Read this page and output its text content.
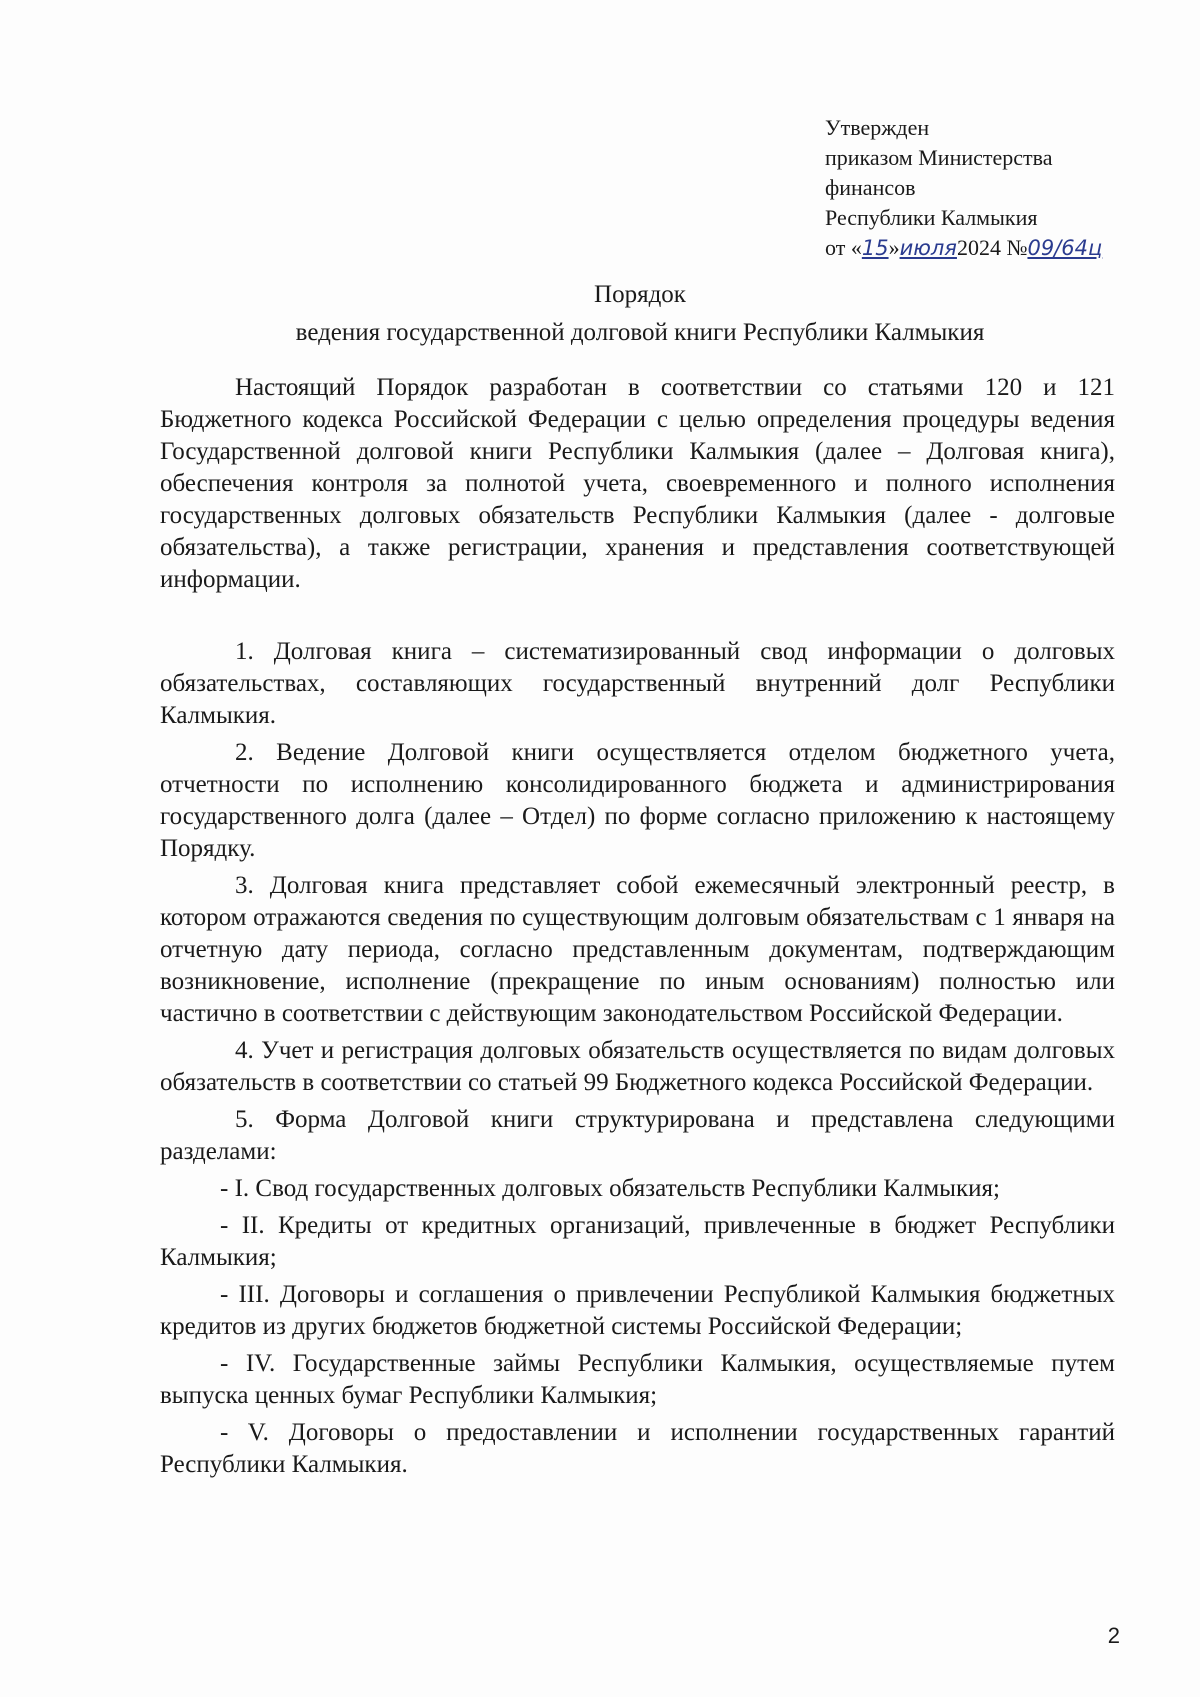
Утвержден
приказом Министерства
финансов
Республики Калмыкия
от «15»июля2024 №09/64ц
Порядок
ведения государственной долговой книги Республики Калмыкия

Настоящий Порядок разработан в соответствии со статьями 120 и 121 Бюджетного кодекса Российской Федерации с целью определения процедуры ведения Государственной долговой книги Республики Калмыкия (далее – Долговая книга), обеспечения контроля за полнотой учета, своевременного и полного исполнения государственных долговых обязательств Республики Калмыкия (далее - долговые обязательства), а также регистрации, хранения и представления соответствующей информации.

1. Долговая книга – систематизированный свод информации о долговых обязательствах, составляющих государственный внутренний долг Республики Калмыкия.

2. Ведение Долговой книги осуществляется отделом бюджетного учета, отчетности по исполнению консолидированного бюджета и администрирования государственного долга (далее – Отдел) по форме согласно приложению к настоящему Порядку.

3. Долговая книга представляет собой ежемесячный электронный реестр, в котором отражаются сведения по существующим долговым обязательствам с 1 января на отчетную дату периода, согласно представленным документам, подтверждающим возникновение, исполнение (прекращение по иным основаниям) полностью или частично в соответствии с действующим законодательством Российской Федерации.

4. Учет и регистрация долговых обязательств осуществляется по видам долговых обязательств в соответствии со статьей 99 Бюджетного кодекса Российской Федерации.

5. Форма Долговой книги структурирована и представлена следующими разделами:

- I. Свод государственных долговых обязательств Республики Калмыкия;

- II. Кредиты от кредитных организаций, привлеченные в бюджет Республики Калмыкия;

- III. Договоры и соглашения о привлечении Республикой Калмыкия бюджетных кредитов из других бюджетов бюджетной системы Российской Федерации;

- IV. Государственные займы Республики Калмыкия, осуществляемые путем выпуска ценных бумаг Республики Калмыкия;

- V. Договоры о предоставлении и исполнении государственных гарантий Республики Калмыкия.

2
